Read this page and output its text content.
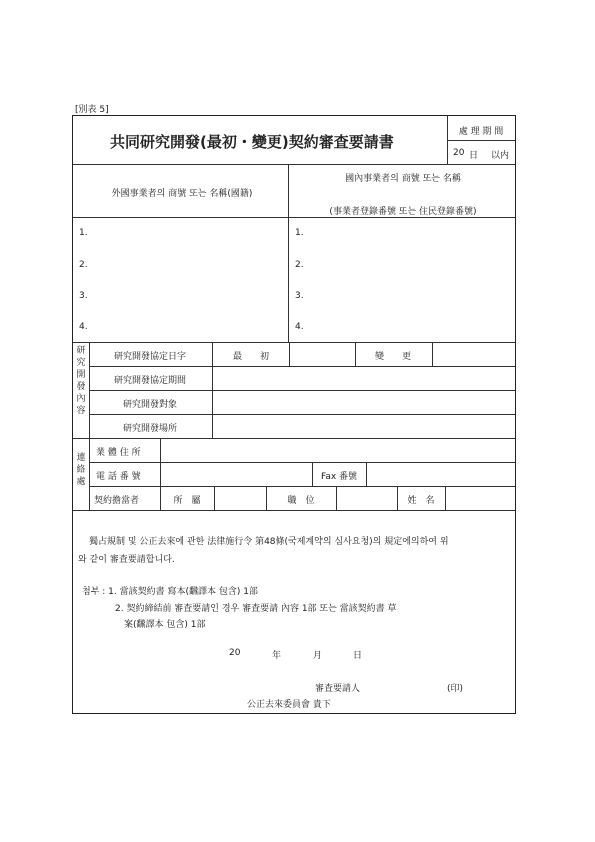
[別表 5]
共同研究開發(最初・變更)契約審査要請書
處 理 期 間
20 日 以内
外國事業者의 商號 또는 名稱(國籍)
國內事業者의 商號 또는 名稱
(事業者登錄番號 또는 住民登錄番號)
1.
2.
3.
4.
1.
2.
3.
4.
研
究
開
發
內
容
研究開發協定日字	最　　初	變　　更
研究開發協定期間
研究開發對象
研究開發場所
連
絡
處
業 體 住 所
電 話 番 號	Fax 番號
契約擔當者	所　屬	職　位	姓　名
獨占規制 및 公正去來에 관한 法律施行令 第48條(국제계약의 심사요청)의 規定에의하여 위
와 같이 審査要請합니다.
첨부 : 1. 當該契約書 寫本(飜譯本 包含) 1部
2. 契約締結前 審査要請인 경우 審査要請 內容 1部 또는 當該契約書 草
案(飜譯本 包含) 1部
20	年	月	日
審査要請人	(印)
公正去來委員會 貴下
